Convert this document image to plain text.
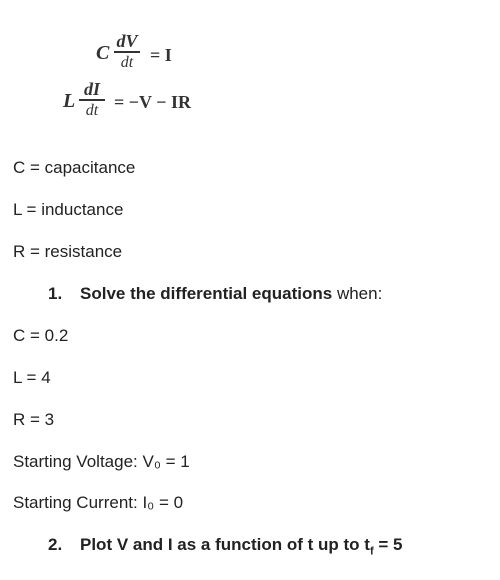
C
dV
dt = I
L
dI
dt = −V − IR
C = capacitance
L = inductance
R = resistance
1. Solve the differential equations when:
C = 0.2
L = 4
R = 3
Starting Voltage: V₀ = 1
Starting Current: I₀ = 0
2. Plot V and I as a function of t up to $t_f = 5$
